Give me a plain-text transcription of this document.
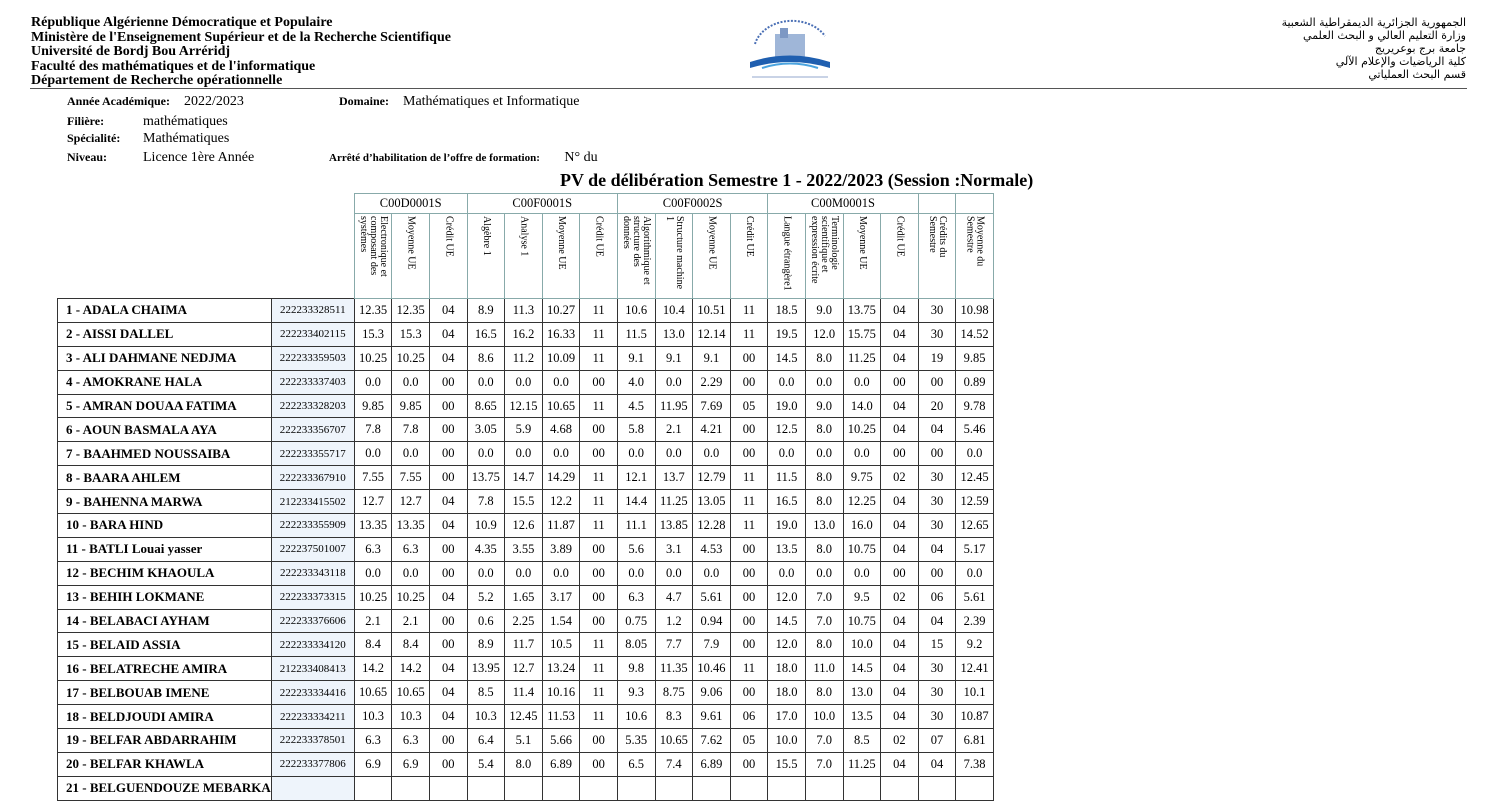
République Algérienne Démocratique et Populaire
Ministère de l'Enseignement Supérieur et de la Recherche Scientifique
Université de Bordj Bou Arréridj
Faculté des mathématiques et de l'informatique
Département de Recherche opérationnelle
الجمهورية الجزائرية الديمقراطية الشعبية
وزارة التعليم العالي و البحث العلمي
جامعة برج بوعريريج
كلية الرياضيات والإعلام الآلي
قسم البحث العملياتي
Année Académique: 2022/2023	Domaine: Mathématiques et Informatique
Filière:	mathématiques
Spécialité: Mathématiques
Niveau:	Licence 1ère Année	Arrêté d’habilitation de l’offre de formation: N° du
PV de délibération Semestre 1 - 2022/2023 (Session :Normale)
		C00D0001S			C00F0001S				C00F0002S				C00M0001S					

		Electronique et composant des systèmes	Moyenne UE	Crédit UE	Algèbre 1	Analyse 1	Moyenne UE	Crédit UE	Algorithmique et structure des données	Structure machine 1	Moyenne UE	Crédit UE	Langue étrangère1	Terminologie scientifique et expression écrite	Moyenne UE	Crédit UE	Crédits du Semestre	Moyenne du Semestre

1 - ADALA CHAIMA	222233328511	12.35	12.35	04	8.9	11.3	10.27	11	10.6	10.4	10.51	11	18.5	9.0	13.75	04	30	10.98
2 - AISSI DALLEL	222233402115	15.3	15.3	04	16.5	16.2	16.33	11	11.5	13.0	12.14	11	19.5	12.0	15.75	04	30	14.52
3 - ALI DAHMANE NEDJMA	222233359503	10.25	10.25	04	8.6	11.2	10.09	11	9.1	9.1	9.1	00	14.5	8.0	11.25	04	19	9.85
4 - AMOKRANE HALA	222233337403	0.0	0.0	00	0.0	0.0	0.0	00	4.0	0.0	2.29	00	0.0	0.0	0.0	00	00	0.89
5 - AMRAN DOUAA FATIMA	222233328203	9.85	9.85	00	8.65	12.15	10.65	11	4.5	11.95	7.69	05	19.0	9.0	14.0	04	20	9.78
6 - AOUN BASMALA AYA	222233356707	7.8	7.8	00	3.05	5.9	4.68	00	5.8	2.1	4.21	00	12.5	8.0	10.25	04	04	5.46
7 - BAAHMED NOUSSAIBA	222233355717	0.0	0.0	00	0.0	0.0	0.0	00	0.0	0.0	0.0	00	0.0	0.0	0.0	00	00	0.0
8 - BAARA AHLEM	222233367910	7.55	7.55	00	13.75	14.7	14.29	11	12.1	13.7	12.79	11	11.5	8.0	9.75	02	30	12.45
9 - BAHENNA MARWA	212233415502	12.7	12.7	04	7.8	15.5	12.2	11	14.4	11.25	13.05	11	16.5	8.0	12.25	04	30	12.59
10 - BARA HIND	222233355909	13.35	13.35	04	10.9	12.6	11.87	11	11.1	13.85	12.28	11	19.0	13.0	16.0	04	30	12.65
11 - BATLI Louai yasser	222237501007	6.3	6.3	00	4.35	3.55	3.89	00	5.6	3.1	4.53	00	13.5	8.0	10.75	04	04	5.17
12 - BECHIM KHAOULA	222233343118	0.0	0.0	00	0.0	0.0	0.0	00	0.0	0.0	0.0	00	0.0	0.0	0.0	00	00	0.0
13 - BEHIH LOKMANE	222233373315	10.25	10.25	04	5.2	1.65	3.17	00	6.3	4.7	5.61	00	12.0	7.0	9.5	02	06	5.61
14 - BELABACI AYHAM	222233376606	2.1	2.1	00	0.6	2.25	1.54	00	0.75	1.2	0.94	00	14.5	7.0	10.75	04	04	2.39
15 - BELAID ASSIA	222233334120	8.4	8.4	00	8.9	11.7	10.5	11	8.05	7.7	7.9	00	12.0	8.0	10.0	04	15	9.2
16 - BELATRECHE AMIRA	212233408413	14.2	14.2	04	13.95	12.7	13.24	11	9.8	11.35	10.46	11	18.0	11.0	14.5	04	30	12.41
17 - BELBOUAB IMENE	222233334416	10.65	10.65	04	8.5	11.4	10.16	11	9.3	8.75	9.06	00	18.0	8.0	13.0	04	30	10.1
18 - BELDJOUDI AMIRA	222233334211	10.3	10.3	04	10.3	12.45	11.53	11	10.6	8.3	9.61	06	17.0	10.0	13.5	04	30	10.87
19 - BELFAR ABDARRAHIM	222233378501	6.3	6.3	00	6.4	5.1	5.66	00	5.35	10.65	7.62	05	10.0	7.0	8.5	02	07	6.81
20 - BELFAR KHAWLA	222233377806	6.9	6.9	00	5.4	8.0	6.89	00	6.5	7.4	6.89	00	15.5	7.0	11.25	04	04	7.38
21 - BELGUENDOUZE MEBARKA																		
